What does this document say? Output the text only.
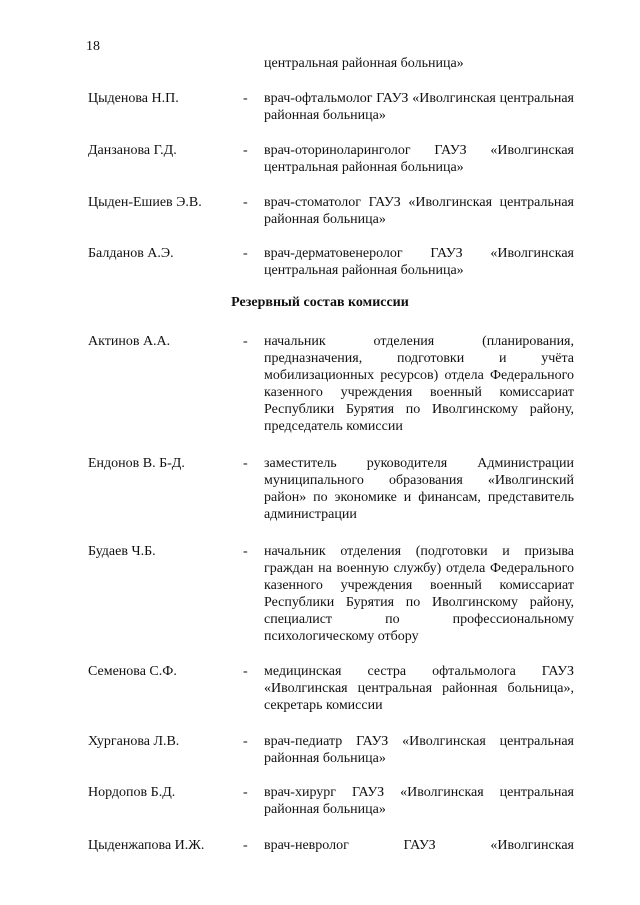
18
центральная районная больница»
Цыденова Н.П.	- врач-офтальмолог ГАУЗ «Иволгинская центральная районная больница»
Данзанова Г.Д.	- врач-оториноларинголог ГАУЗ «Иволгинская центральная районная больница»
Цыден-Ешиев Э.В.	- врач-стоматолог ГАУЗ «Иволгинская центральная районная больница»
Балданов А.Э.	- врач-дерматовенеролог ГАУЗ «Иволгинская центральная районная больница»
Резервный состав комиссии
Актинов А.А.	- начальник отделения (планирования, предназначения, подготовки и учёта мобилизационных ресурсов) отдела Федерального казенного учреждения военный комиссариат Республики Бурятия по Иволгинскому району, председатель комиссии
Ендонов В. Б-Д.	- заместитель руководителя Администрации муниципального образования «Иволгинский район» по экономике и финансам, представитель администрации
Будаев Ч.Б.	- начальник отделения (подготовки и призыва граждан на военную службу) отдела Федерального казенного учреждения военный комиссариат Республики Бурятия по Иволгинскому району, специалист по профессиональному психологическому отбору
Семенова С.Ф.	- медицинская сестра офтальмолога ГАУЗ «Иволгинская центральная районная больница», секретарь комиссии
Хурганова Л.В.	- врач-педиатр ГАУЗ «Иволгинская центральная районная больница»
Нордопов Б.Д.	- врач-хирург ГАУЗ «Иволгинская центральная районная больница»
Цыденжапова И.Ж.	- врач-невролог ГАУЗ «Иволгинская
